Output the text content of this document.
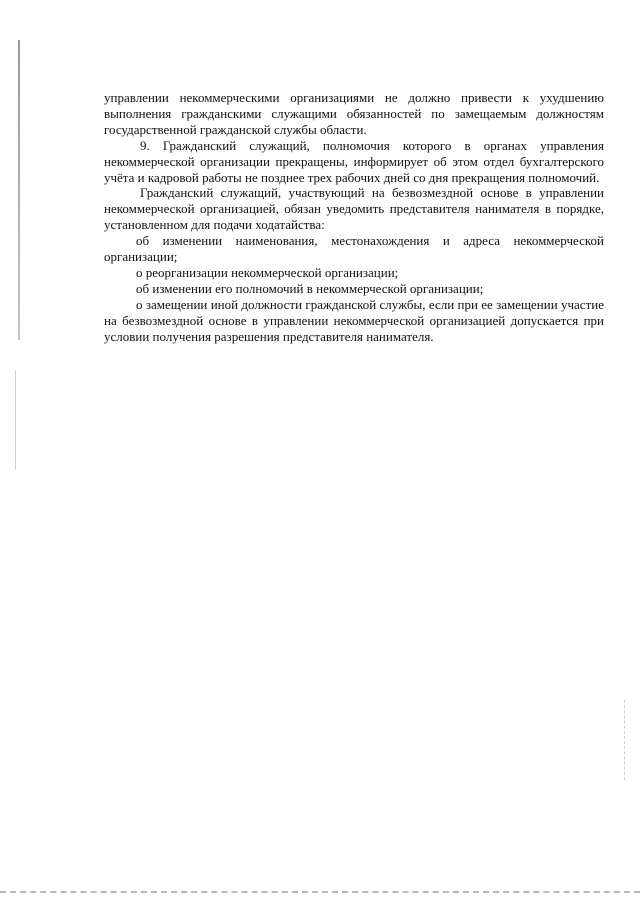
управлении некоммерческими организациями не должно привести к ухудшению выполнения гражданскими служащими обязанностей по замещаемым должностям государственной гражданской службы области.

9. Гражданский служащий, полномочия которого в органах управления некоммерческой организации прекращены, информирует об этом отдел бухгалтерского учёта и кадровой работы не позднее трех рабочих дней со дня прекращения полномочий.

Гражданский служащий, участвующий на безвозмездной основе в управлении некоммерческой организацией, обязан уведомить представителя нанимателя в порядке, установленном для подачи ходатайства:

об изменении наименования, местонахождения и адреса некоммерческой организации;

о реорганизации некоммерческой организации;

об изменении его полномочий в некоммерческой организации;

о замещении иной должности гражданской службы, если при ее замещении участие на безвозмездной основе в управлении некоммерческой организацией допускается при условии получения разрешения представителя нанимателя.
